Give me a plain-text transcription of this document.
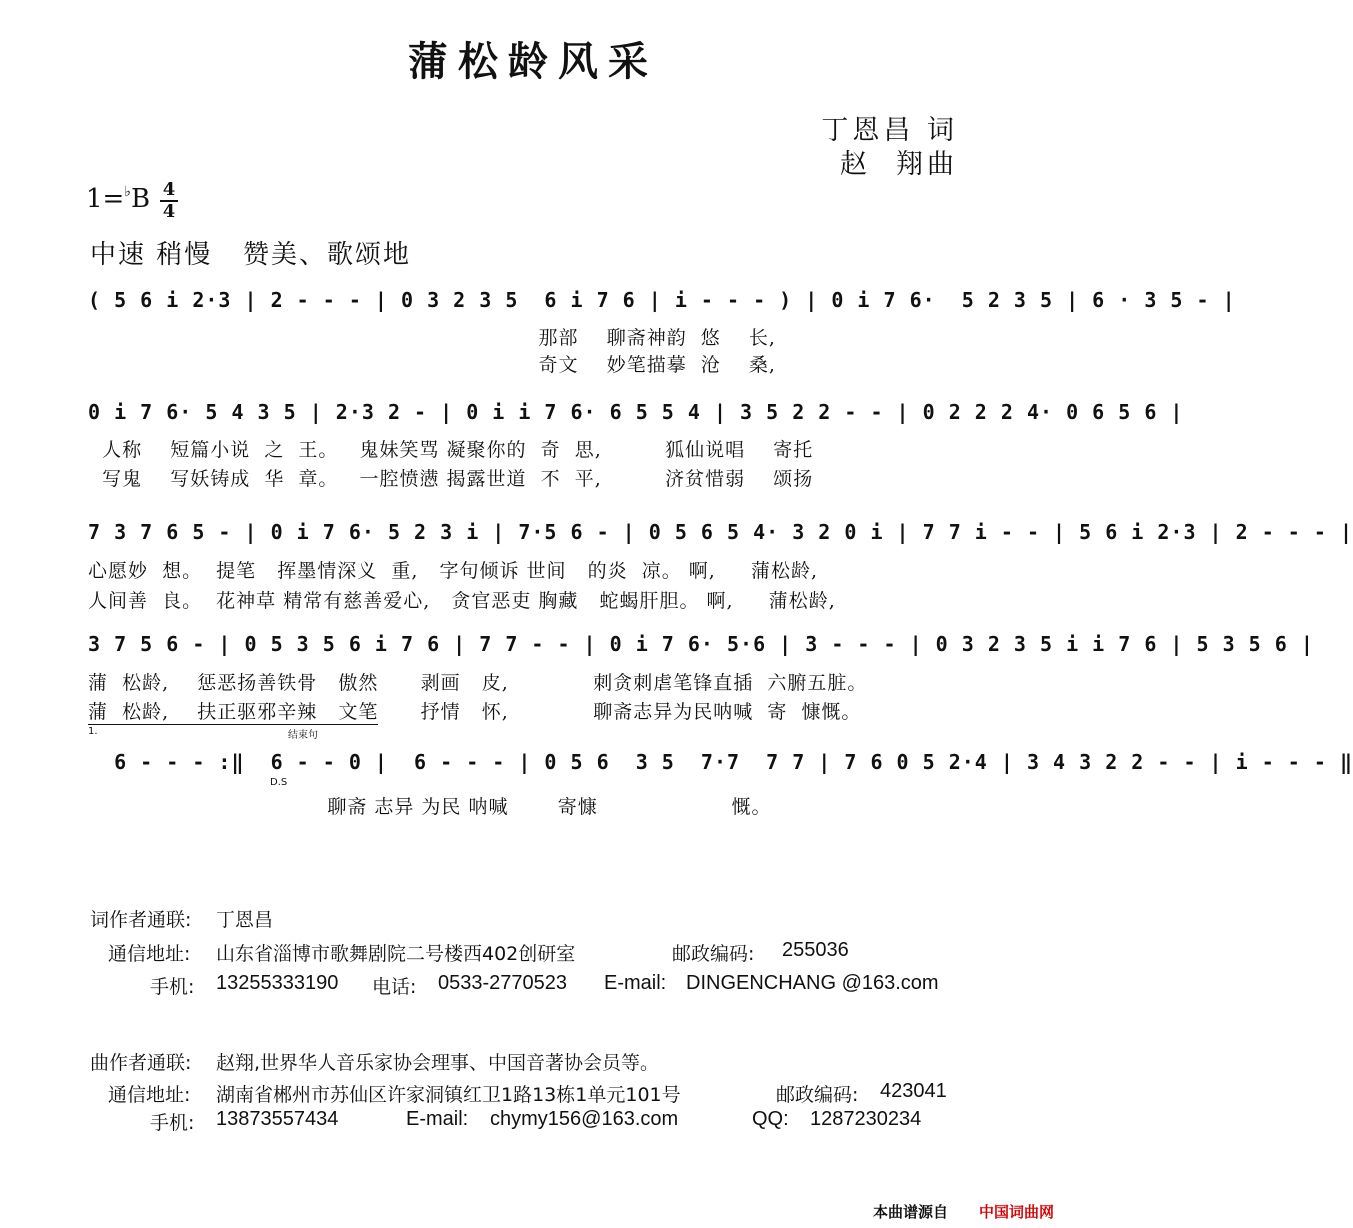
蒲松龄风采
丁恩昌 词
赵  翔曲
$1=^♭B \frac{4}{4}$
中速 稍慢   赞美、歌颂地
( 5 6 i 2·3 | 2 - - - | 0 3 2 3 5  6 i 7 6 | i - - - ) | 0 i 7 6·  5 2 3 5 | 6 · 3 5 - |
那部    聊斋神韵  悠    长,
奇文    妙笔描摹  沧    桑,
0 i 7 6· 5 4 3 5 | 2·3 2 - | 0 i i 7 6· 6 5 5 4 | 3 5 2 2 - - | 0 2 2 2 4· 0 6 5 6 |
人称    短篇小说  之  王。   鬼妹笑骂 凝聚你的  奇  思,         狐仙说唱    寄托
写鬼    写妖铸成  华  章。   一腔愤懑 揭露世道  不  平,         济贫惜弱    颂扬
7 3 7 6 5 - | 0 i 7 6· 5 2 3 i | 7·5 6 - | 0 5 6 5 4· 3 2 0 i | 7 7 i - - | 5 6 i 2·3 | 2 - - - |
心愿妙  想。  提笔   挥墨情深义  重,   字句倾诉 世间   的炎  凉。 啊,     蒲松龄,
人间善  良。  花神草 精常有慈善爱心,   贪官恶吏 胸藏   蛇蝎肝胆。 啊,     蒲松龄,
3 7 5 6 - | 0 5 3 5 6 i 7 6 | 7 7 - - | 0 i 7 6· 5·6 | 3 - - - | 0 3 2 3 5 i i 7 6 | 5 3 5 6 |
蒲  松龄,    惩恶扬善铁骨   傲然      剥画   皮,            刺贪刺虐笔锋直插  六腑五脏。
蒲  松龄,    扶正驱邪辛辣   文笔      抒情   怀,            聊斋志异为民呐喊  寄  慷慨。
1.	结束句
6 - - - :‖  6 - - 0 |  6 - - - | 0 5 6  3 5  7·7  7 7 | 7 6 0 5 2·4 | 3 4 3 2 2 - - | i - - - ‖
D.S
聊斋 志异 为民 呐喊       寄慷                   慨。
词作者通联: 丁恩昌
通信地址: 山东省淄博市歌舞剧院二号楼西402创研室	邮政编码: 255036
手机: 13255333190 电话: 0533-2770523 E-mail: DINGENCHANG @163.com
曲作者通联: 赵翔,世界华人音乐家协会理事、中国音著协会员等。
通信地址: 湖南省郴州市苏仙区许家洞镇红卫1路13栋1单元101号	邮政编码: 423041
手机: 13873557434	E-mail: chymy156@163.com	QQ: 1287230234
本曲谱源自 中国词曲网
